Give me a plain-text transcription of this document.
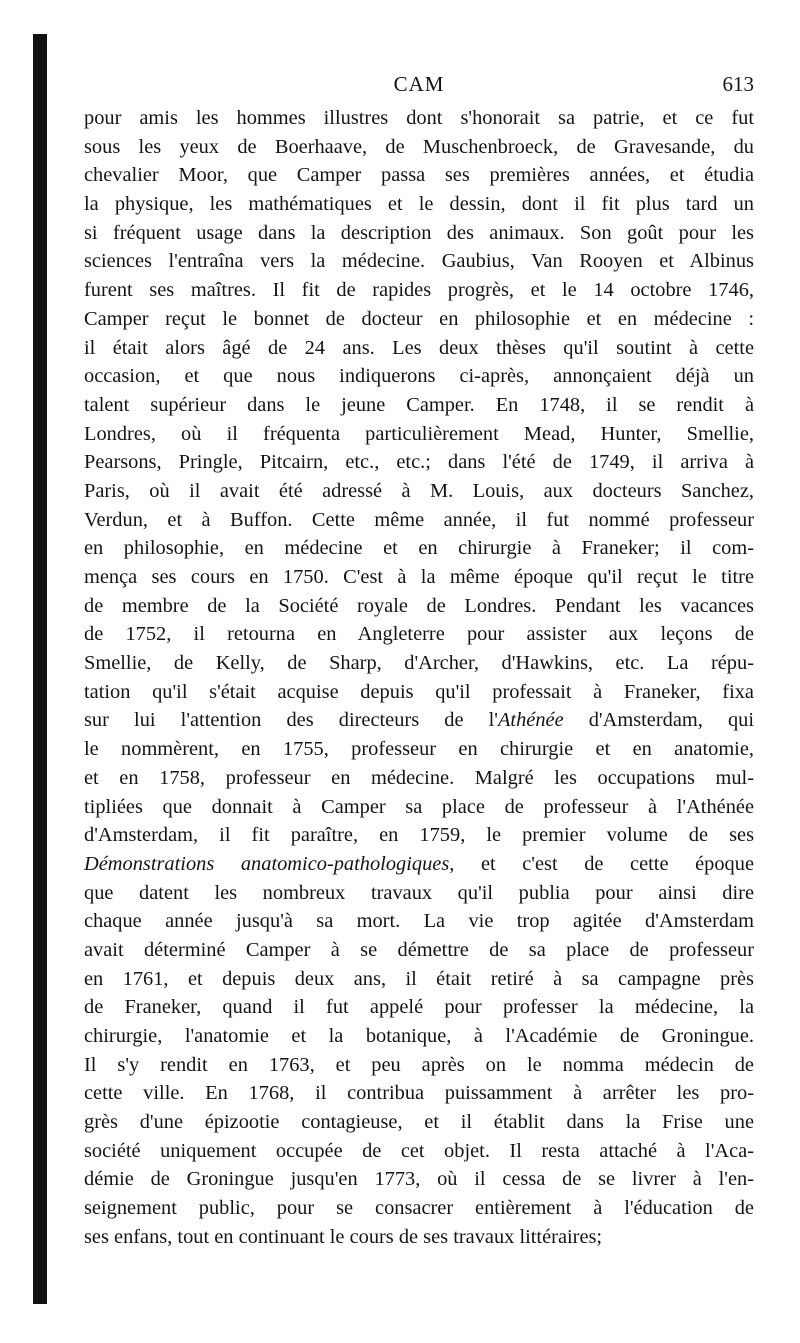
CAM	613
pour amis les hommes illustres dont s'honorait sa patrie, et ce fut
sous les yeux de Boerhaave, de Muschenbroeck, de Gravesande, du
chevalier Moor, que Camper passa ses premières années, et étudia
la physique, les mathématiques et le dessin, dont il fit plus tard un
si fréquent usage dans la description des animaux. Son goût pour les
sciences l'entraîna vers la médecine. Gaubius, Van Rooyen et Albinus
furent ses maîtres. Il fit de rapides progrès, et le 14 octobre 1746,
Camper reçut le bonnet de docteur en philosophie et en médecine :
il était alors âgé de 24 ans. Les deux thèses qu'il soutint à cette
occasion, et que nous indiquerons ci-après, annonçaient déjà un
talent supérieur dans le jeune Camper. En 1748, il se rendit à
Londres, où il fréquenta particulièrement Mead, Hunter, Smellie,
Pearsons, Pringle, Pitcairn, etc., etc.; dans l'été de 1749, il arriva à
Paris, où il avait été adressé à M. Louis, aux docteurs Sanchez,
Verdun, et à Buffon. Cette même année, il fut nommé professeur
en philosophie, en médecine et en chirurgie à Franeker; il com-
mença ses cours en 1750. C'est à la même époque qu'il reçut le titre
de membre de la Société royale de Londres. Pendant les vacances
de 1752, il retourna en Angleterre pour assister aux leçons de
Smellie, de Kelly, de Sharp, d'Archer, d'Hawkins, etc. La répu-
tation qu'il s'était acquise depuis qu'il professait à Franeker, fixa
sur lui l'attention des directeurs de l'Athénée d'Amsterdam, qui
le nommèrent, en 1755, professeur en chirurgie et en anatomie,
et en 1758, professeur en médecine. Malgré les occupations mul-
tipliées que donnait à Camper sa place de professeur à l'Athénée
d'Amsterdam, il fit paraître, en 1759, le premier volume de ses
Démonstrations anatomico-pathologiques, et c'est de cette époque
que datent les nombreux travaux qu'il publia pour ainsi dire
chaque année jusqu'à sa mort. La vie trop agitée d'Amsterdam
avait déterminé Camper à se démettre de sa place de professeur
en 1761, et depuis deux ans, il était retiré à sa campagne près
de Franeker, quand il fut appelé pour professer la médecine, la
chirurgie, l'anatomie et la botanique, à l'Académie de Groningue.
Il s'y rendit en 1763, et peu après on le nomma médecin de
cette ville. En 1768, il contribua puissamment à arrêter les pro-
grès d'une épizootie contagieuse, et il établit dans la Frise une
société uniquement occupée de cet objet. Il resta attaché à l'Aca-
démie de Groningue jusqu'en 1773, où il cessa de se livrer à l'en-
seignement public, pour se consacrer entièrement à l'éducation de
ses enfans, tout en continuant le cours de ses travaux littéraires;
